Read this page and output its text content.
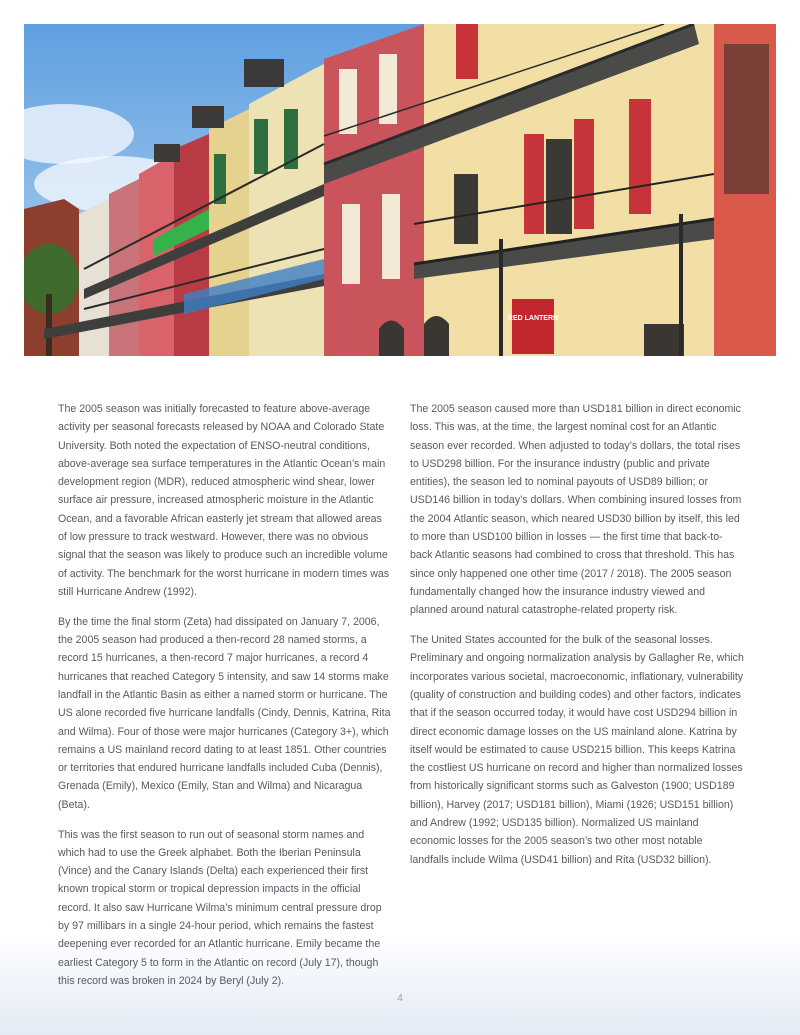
RED LANTERN

The 2005 season was initially forecasted to feature above-average activity per seasonal forecasts released by NOAA and Colorado State University. Both noted the expectation of ENSO-neutral conditions, above-average sea surface temperatures in the Atlantic Ocean’s main development region (MDR), reduced atmospheric wind shear, lower surface air pressure, increased atmospheric moisture in the Atlantic Ocean, and a favorable African easterly jet stream that allowed areas of low pressure to track westward. However, there was no obvious signal that the season was likely to produce such an incredible volume of activity. The benchmark for the worst hurricane in modern times was still Hurricane Andrew (1992).

By the time the final storm (Zeta) had dissipated on January 7, 2006, the 2005 season had produced a then-record 28 named storms, a record 15 hurricanes, a then-record 7 major hurricanes, a record 4 hurricanes that reached Category 5 intensity, and saw 14 storms make landfall in the Atlantic Basin as either a named storm or hurricane. The US alone recorded five hurricane landfalls (Cindy, Dennis, Katrina, Rita and Wilma). Four of those were major hurricanes (Category 3+), which remains a US mainland record dating to at least 1851. Other countries or territories that endured hurricane landfalls included Cuba (Dennis), Grenada (Emily), Mexico (Emily, Stan and Wilma) and Nicaragua (Beta).

This was the first season to run out of seasonal storm names and which had to use the Greek alphabet. Both the Iberian Peninsula (Vince) and the Canary Islands (Delta) each experienced their first known tropical storm or tropical depression impacts in the official record. It also saw Hurricane Wilma’s minimum central pressure drop by 97 millibars in a single 24-hour period, which remains the fastest deepening ever recorded for an Atlantic hurricane. Emily became the earliest Category 5 to form in the Atlantic on record (July 17), though this record was broken in 2024 by Beryl (July 2).

The 2005 season caused more than USD181 billion in direct economic loss. This was, at the time, the largest nominal cost for an Atlantic season ever recorded. When adjusted to today’s dollars, the total rises to USD298 billion. For the insurance industry (public and private entities), the season led to nominal payouts of USD89 billion; or USD146 billion in today’s dollars. When combining insured losses from the 2004 Atlantic season, which neared USD30 billion by itself, this led to more than USD100 billion in losses — the first time that back-to-back Atlantic seasons had combined to cross that threshold. This has since only happened one other time (2017 / 2018). The 2005 season fundamentally changed how the insurance industry viewed and planned around natural catastrophe-related property risk.

The United States accounted for the bulk of the seasonal losses. Preliminary and ongoing normalization analysis by Gallagher Re, which incorporates various societal, macroeconomic, inflationary, vulnerability (quality of construction and building codes) and other factors, indicates that if the season occurred today, it would have cost USD294 billion in direct economic damage losses on the US mainland alone. Katrina by itself would be estimated to cause USD215 billion. This keeps Katrina the costliest US hurricane on record and higher than normalized losses from historically significant storms such as Galveston (1900; USD189 billion), Harvey (2017; USD181 billion), Miami (1926; USD151 billion) and Andrew (1992; USD135 billion). Normalized US mainland economic losses for the 2005 season’s two other most notable landfalls include Wilma (USD41 billion) and Rita (USD32 billion).

4
